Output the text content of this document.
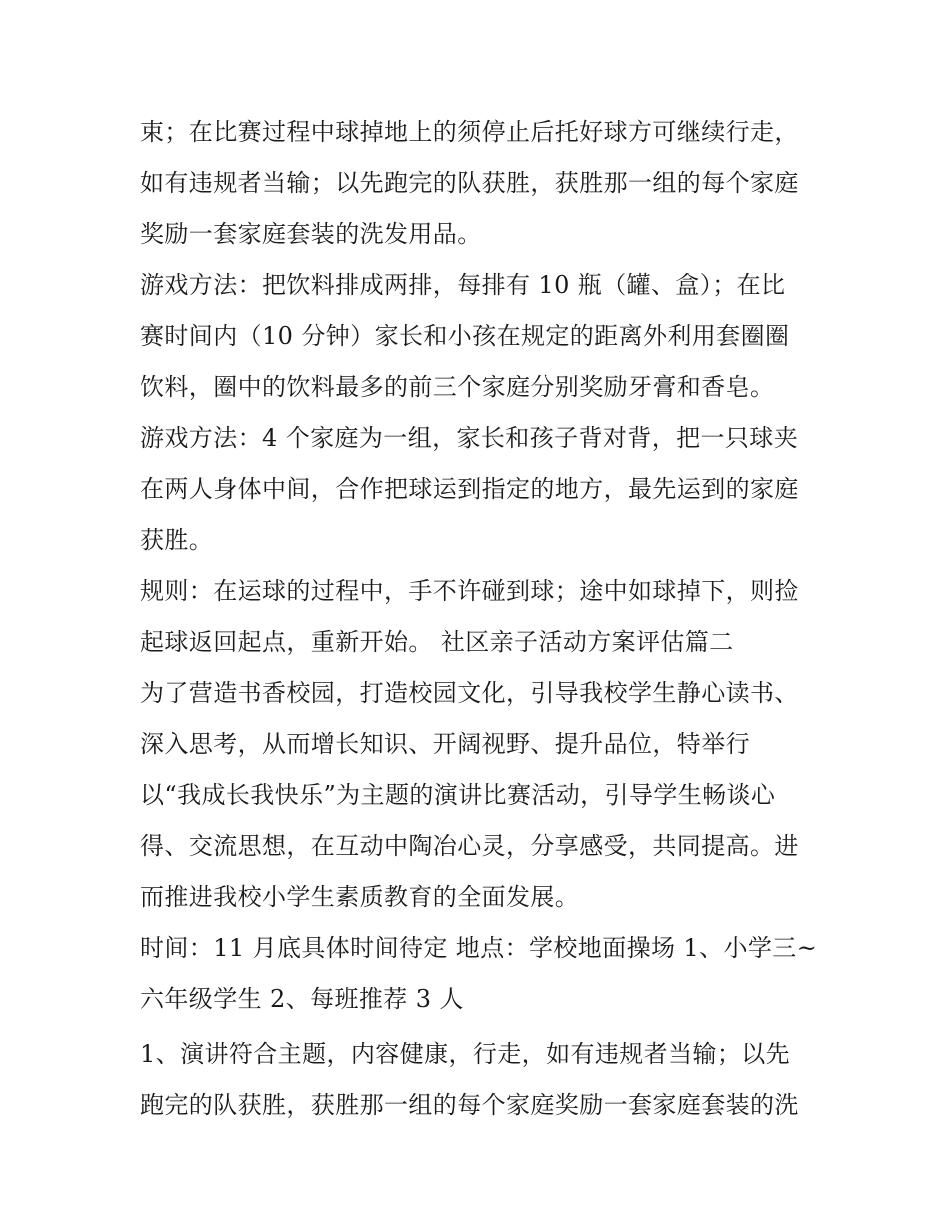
束；在比赛过程中球掉地上的须停止后托好球方可继续行走，
如有违规者当输；以先跑完的队获胜，获胜那一组的每个家庭
奖励一套家庭套装的洗发用品。
游戏方法：把饮料排成两排，每排有 10 瓶（罐、盒）；在比
赛时间内（10 分钟）家长和小孩在规定的距离外利用套圈圈
饮料，圈中的饮料最多的前三个家庭分别奖励牙膏和香皂。
游戏方法：4 个家庭为一组，家长和孩子背对背，把一只球夹
在两人身体中间，合作把球运到指定的地方，最先运到的家庭
获胜。
规则：在运球的过程中，手不许碰到球；途中如球掉下，则捡
起球返回起点，重新开始。 社区亲子活动方案评估篇二
为了营造书香校园，打造校园文化，引导我校学生静心读书、
深入思考，从而增长知识、开阔视野、提升品位，特举行
以“我成长我快乐”为主题的演讲比赛活动，引导学生畅谈心
得、交流思想，在互动中陶冶心灵，分享感受，共同提高。进
而推进我校小学生素质教育的全面发展。
时间：11 月底具体时间待定 地点：学校地面操场 1、小学三~
六年级学生 2、每班推荐 3 人
1、演讲符合主题，内容健康，行走，如有违规者当输；以先
跑完的队获胜，获胜那一组的每个家庭奖励一套家庭套装的洗
